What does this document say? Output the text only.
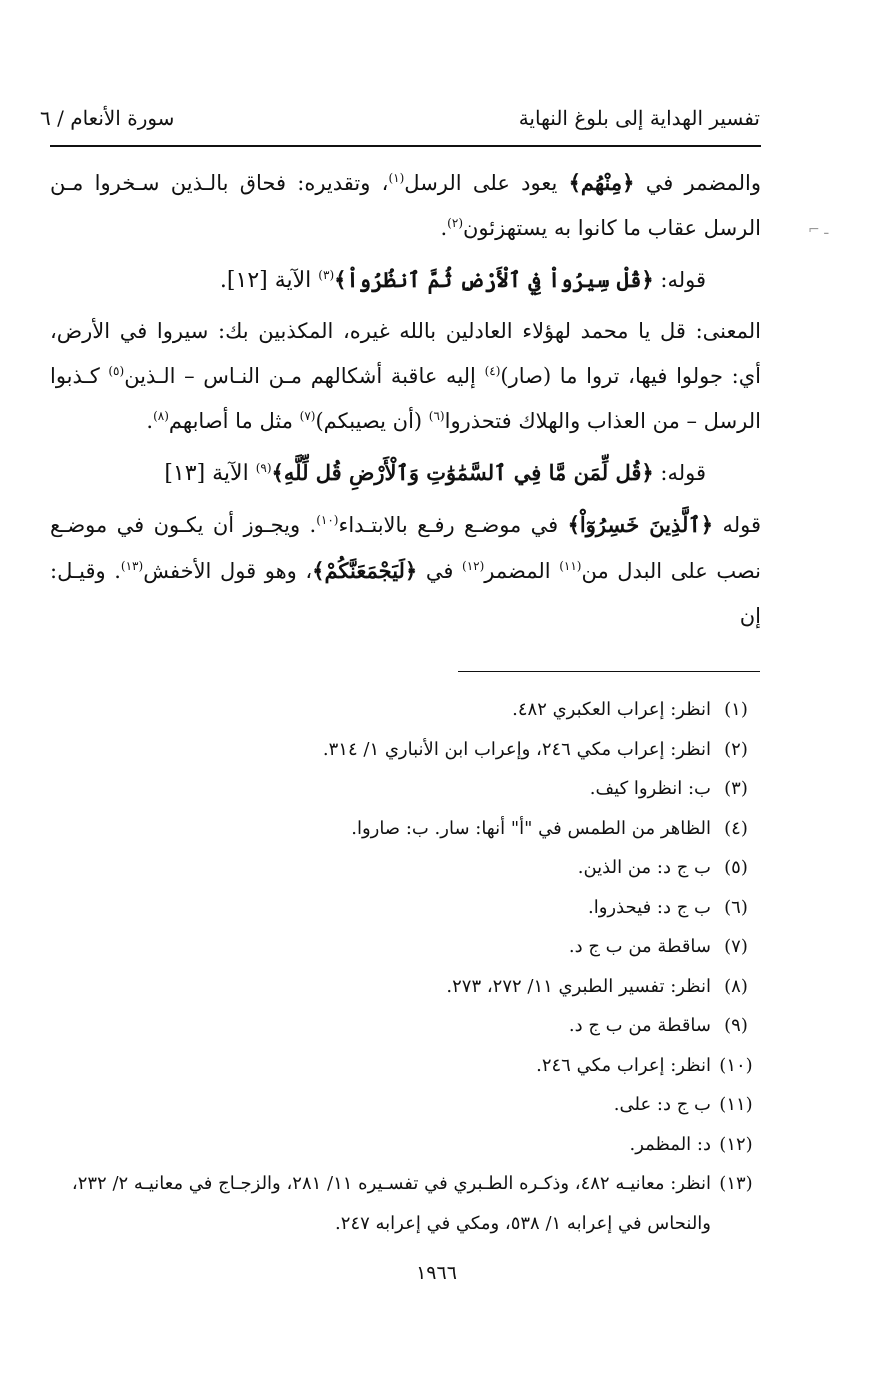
تفسير الهداية إلى بلوغ النهاية
سورة الأنعام / ٦
⌐ ـ

والمضمر في ﴿مِنْهُم﴾ يعود على الرسل$^{(١)}$، وتقديره: فحاق بالـذين سـخروا مـن الرسل عقاب ما كانوا به يستهزئون$^{(٢)}$.

قوله: ﴿قُلْ سِيرُواْ فِي ٱلْأَرْضِ ثُمَّ ٱنظُرُواْ﴾$^{(٣)}$ الآية [١٢].

المعنى: قل يا محمد لهؤلاء العادلين بالله غيره، المكذبين بك: سيروا في الأرض، أي: جولوا فيها، تروا ما (صار)$^{(٤)}$ إليه عاقبة أشكالهم مـن النـاس – الـذين$^{(٥)}$ كـذبوا الرسل – من العذاب والهلاك فتحذروا$^{(٦)}$ (أن يصيبكم)$^{(٧)}$ مثل ما أصابهم$^{(٨)}$.

قوله: ﴿قُل لِّمَن مَّا فِي ٱلسَّمَٰوَٰتِ وَٱلْأَرْضِ قُل لِّلَّهِ﴾$^{(٩)}$ الآية [١٣]

قوله ﴿ٱلَّذِينَ خَسِرُوٓاْ﴾ في موضـع رفـع بالابتـداء$^{(١٠)}$. ويجـوز أن يكـون في موضـع نصب على البدل من$^{(١١)}$ المضمر$^{(١٢)}$ في ﴿لَيَجْمَعَنَّكُمْ﴾، وهو قول الأخفش$^{(١٣)}$. وقيـل: إن

(١)
انظر: إعراب العكبري ٤٨٢.
(٢)
انظر: إعراب مكي ٢٤٦، وإعراب ابن الأنباري ١/ ٣١٤.
(٣)
ب: انظروا كيف.
(٤)
الظاهر من الطمس في "أ" أنها: سار. ب: صاروا.
(٥)
ب ج د: من الذين.
(٦)
ب ج د: فيحذروا.
(٧)
ساقطة من ب ج د.
(٨)
انظر: تفسير الطبري ١١/ ٢٧٢، ٢٧٣.
(٩)
ساقطة من ب ج د.
(١٠)
انظر: إعراب مكي ٢٤٦.
(١١)
ب ج د: على.
(١٢)
د: المظمر.
(١٣)
انظر: معانيـه ٤٨٢، وذكـره الطـبري في تفسـيره ١١/ ٢٨١، والزجـاج في معانيـه ٢/ ٢٣٢، والنحاس في إعرابه ١/ ٥٣٨، ومكي في إعرابه ٢٤٧.
١٩٦٦
